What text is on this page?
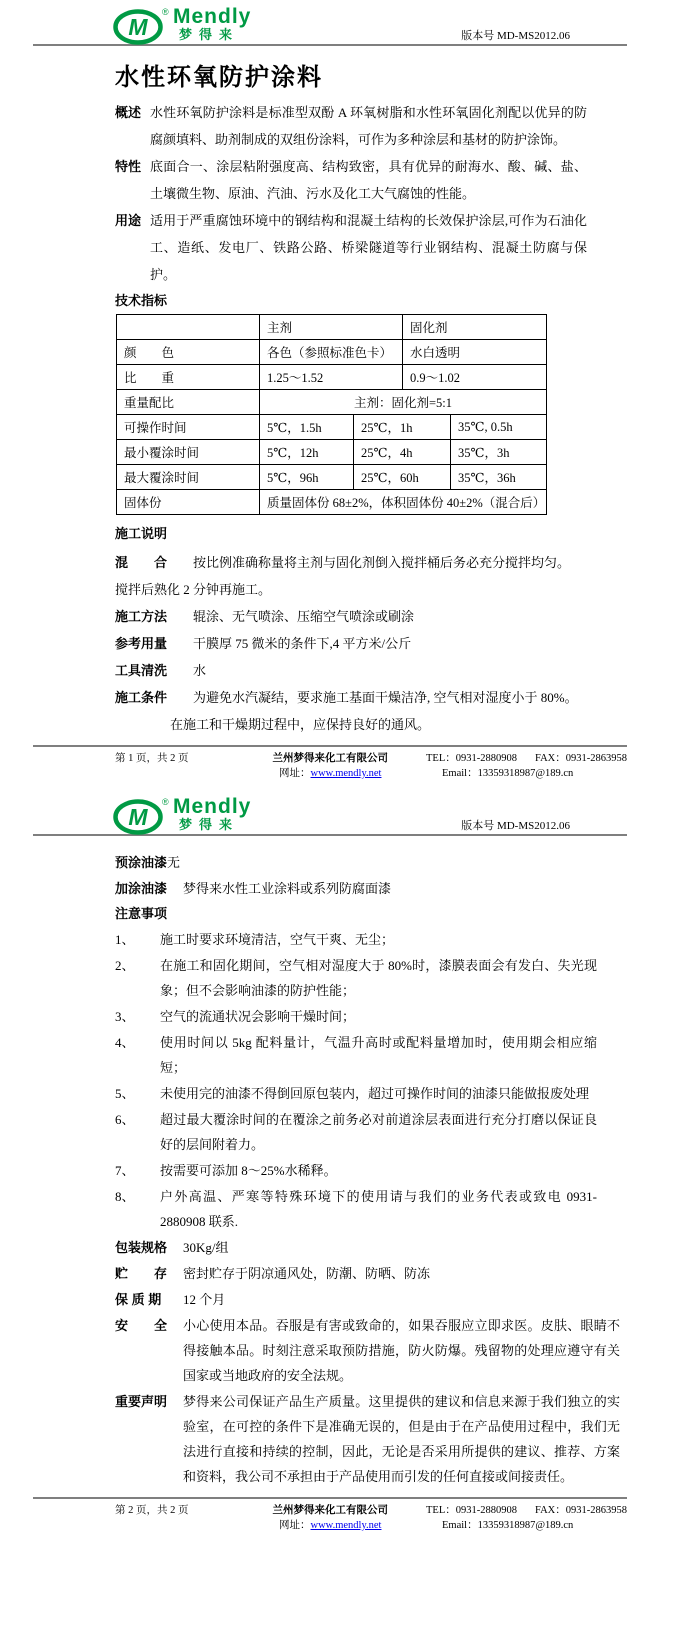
M
® Mendly
梦得来	版本号 MD-MS2012.06
水性环氧防护涂料
概述 水性环氧防护涂料是标准型双酚 A 环氧树脂和水性环氧固化剂配以优异的防腐颜填料、助剂制成的双组份涂料，可作为多种涂层和基材的防护涂饰。
特性 底面合一、涂层粘附强度高、结构致密，具有优异的耐海水、酸、碱、盐、土壤微生物、原油、汽油、污水及化工大气腐蚀的性能。
用途 适用于严重腐蚀环境中的钢结构和混凝土结构的长效保护涂层,可作为石油化工、造纸、发电厂、铁路公路、桥梁隧道等行业钢结构、混凝土防腐与保护。
技术指标
	主剂		固化剂	
颜　　色	各色（参照标准色卡）		水白透明	
比　　重	1.25～1.52		0.9～1.02	
重量配比	主剂：固化剂=5:1			
可操作时间	5℃，1.5h	25℃，1h		35℃, 0.5h
最小覆涂时间	5℃，12h	25℃，4h		35℃，3h
最大覆涂时间	5℃，96h	25℃，60h		35℃，36h
固体份	质量固体份 68±2%，体积固体份 40±2%（混合后）			
施工说明
混　　合 按比例准确称量将主剂与固化剂倒入搅拌桶后务必充分搅拌均匀。
搅拌后熟化 2 分钟再施工。
施工方法 辊涂、无气喷涂、压缩空气喷涂或刷涂
参考用量 干膜厚 75 微米的条件下,4 平方米/公斤
工具清洗 水
施工条件 为避免水汽凝结，要求施工基面干燥洁净, 空气相对湿度小于 80%。
在施工和干燥期过程中，应保持良好的通风。
第 1 页，共 2 页	兰州梦得来化工有限公司
网址：www.mendly.net
TEL：0931-2880908 FAX：0931-2863958
Email：13359318987@189.cn
M
® Mendly
梦得来	版本号 MD-MS2012.06
预涂油漆 无
加涂油漆 梦得来水性工业涂料或系列防腐面漆
注意事项
1、 施工时要求环境清洁，空气干爽、无尘；
2、 在施工和固化期间，空气相对湿度大于 80%时，漆膜表面会有发白、失光现象；但不会影响油漆的防护性能；
3、 空气的流通状况会影响干燥时间；
4、 使用时间以 5kg 配料量计，气温升高时或配料量增加时，使用期会相应缩短；
5、 未使用完的油漆不得倒回原包装内，超过可操作时间的油漆只能做报废处理
6、 超过最大覆涂时间的在覆涂之前务必对前道涂层表面进行充分打磨以保证良好的层间附着力。
7、 按需要可添加 8～25%水稀释。
8、 户外高温、严寒等特殊环境下的使用请与我们的业务代表或致电 0931-2880908 联系.
包装规格 30Kg/组
贮　　存 密封贮存于阴凉通风处，防潮、防晒、防冻
保 质 期 12 个月
安　　全 小心使用本品。吞服是有害或致命的，如果吞服应立即求医。皮肤、眼睛不得接触本品。时刻注意采取预防措施，防火防爆。残留物的处理应遵守有关国家或当地政府的安全法规。
重要声明 梦得来公司保证产品生产质量。这里提供的建议和信息来源于我们独立的实验室，在可控的条件下是准确无误的，但是由于在产品使用过程中，我们无法进行直接和持续的控制，因此，无论是否采用所提供的建议、推荐、方案和资料，我公司不承担由于产品使用而引发的任何直接或间接责任。
第 2 页，共 2 页	兰州梦得来化工有限公司
网址：www.mendly.net
TEL：0931-2880908 FAX：0931-2863958
Email：13359318987@189.cn
